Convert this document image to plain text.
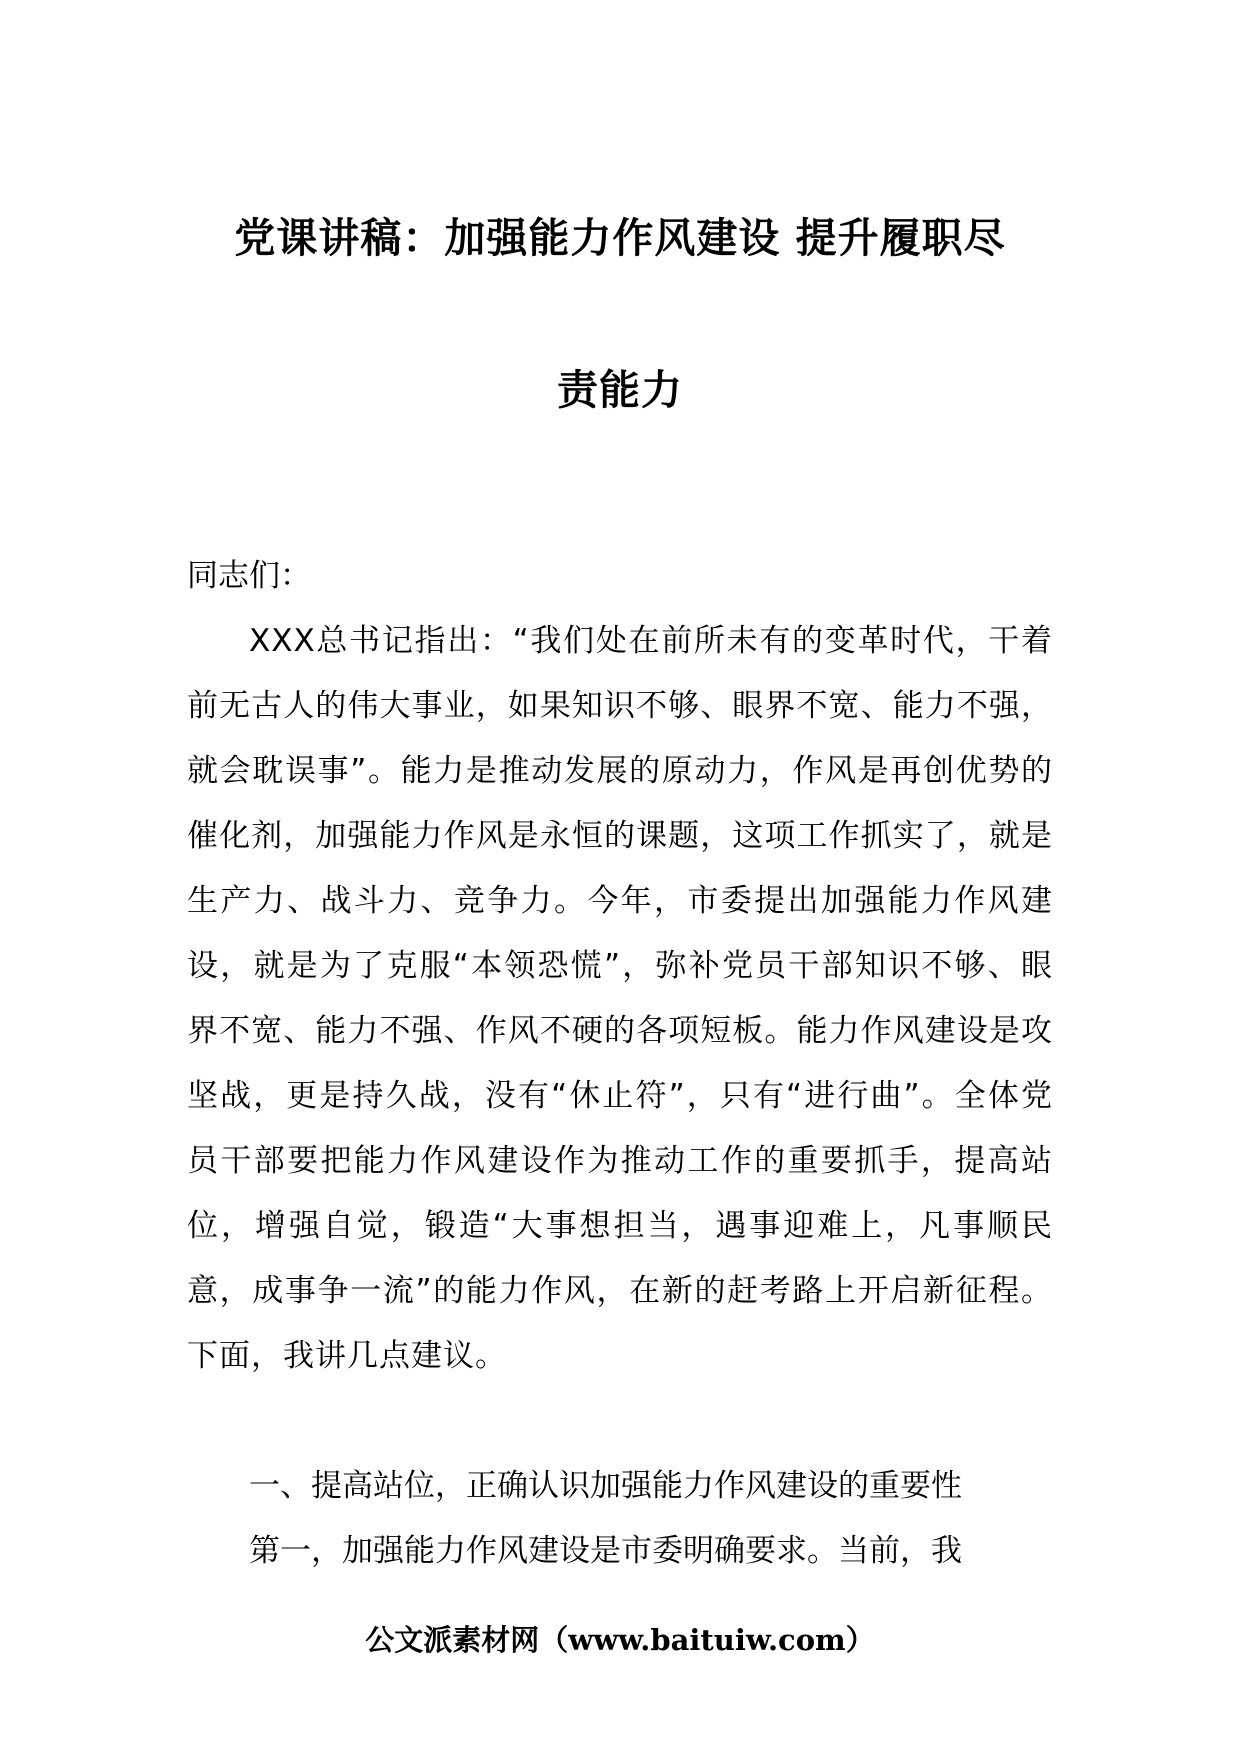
党课讲稿：加强能力作风建设 提升履职尽
责能力

同志们：

XXX总书记指出：“我们处在前所未有的变革时代，干着前无古人的伟大事业，如果知识不够、眼界不宽、能力不强，就会耽误事”。能力是推动发展的原动力，作风是再创优势的催化剂，加强能力作风是永恒的课题，这项工作抓实了，就是生产力、战斗力、竞争力。今年，市委提出加强能力作风建设，就是为了克服“本领恐慌”，弥补党员干部知识不够、眼界不宽、能力不强、作风不硬的各项短板。能力作风建设是攻坚战，更是持久战，没有“休止符”，只有“进行曲”。全体党员干部要把能力作风建设作为推动工作的重要抓手，提高站位，增强自觉，锻造“大事想担当，遇事迎难上，凡事顺民意，成事争一流”的能力作风，在新的赶考路上开启新征程。下面，我讲几点建议。

一、提高站位，正确认识加强能力作风建设的重要性

第一，加强能力作风建设是市委明确要求。当前，我

公文派素材网（www.baituiw.com）
